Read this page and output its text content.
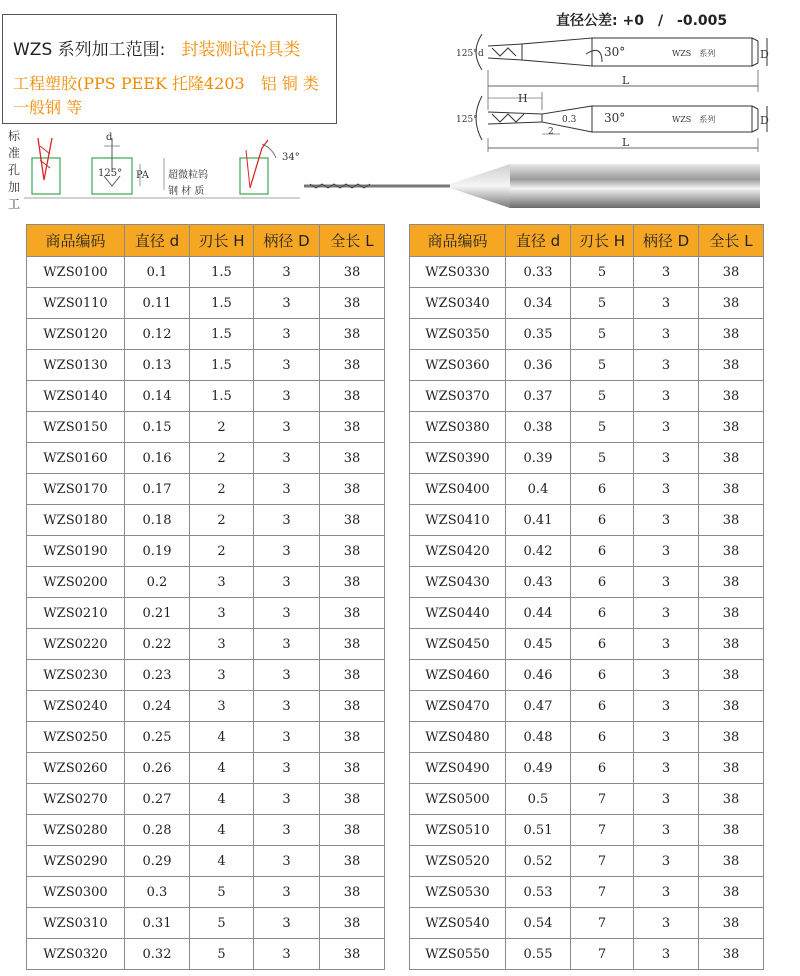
WZS 系列加工范围: 封装测试治具类
工程塑胶(PPS PEEK 托隆4203　铝 铜 类
一般钢 等
直径公差: +0　/　-0.005
125° d	30°	WZS　系列	D
L
H
125°	0.3
2
30°	WZS　系列	D
L
标
准
孔
加
工
d
125° PA 超微粒钨
钢 材 质
34°
商品编码	直径 d	刃长 H	柄径 D	全长 L
WZS0100	0.1	1.5	3	38
WZS0110	0.11	1.5	3	38
WZS0120	0.12	1.5	3	38
WZS0130	0.13	1.5	3	38
WZS0140	0.14	1.5	3	38
WZS0150	0.15	2	3	38
WZS0160	0.16	2	3	38
WZS0170	0.17	2	3	38
WZS0180	0.18	2	3	38
WZS0190	0.19	2	3	38
WZS0200	0.2	3	3	38
WZS0210	0.21	3	3	38
WZS0220	0.22	3	3	38
WZS0230	0.23	3	3	38
WZS0240	0.24	3	3	38
WZS0250	0.25	4	3	38
WZS0260	0.26	4	3	38
WZS0270	0.27	4	3	38
WZS0280	0.28	4	3	38
WZS0290	0.29	4	3	38
WZS0300	0.3	5	3	38
WZS0310	0.31	5	3	38
WZS0320	0.32	5	3	38
商品编码	直径 d	刃长 H	柄径 D	全长 L
WZS0330	0.33	5	3	38
WZS0340	0.34	5	3	38
WZS0350	0.35	5	3	38
WZS0360	0.36	5	3	38
WZS0370	0.37	5	3	38
WZS0380	0.38	5	3	38
WZS0390	0.39	5	3	38
WZS0400	0.4	6	3	38
WZS0410	0.41	6	3	38
WZS0420	0.42	6	3	38
WZS0430	0.43	6	3	38
WZS0440	0.44	6	3	38
WZS0450	0.45	6	3	38
WZS0460	0.46	6	3	38
WZS0470	0.47	6	3	38
WZS0480	0.48	6	3	38
WZS0490	0.49	6	3	38
WZS0500	0.5	7	3	38
WZS0510	0.51	7	3	38
WZS0520	0.52	7	3	38
WZS0530	0.53	7	3	38
WZS0540	0.54	7	3	38
WZS0550	0.55	7	3	38
